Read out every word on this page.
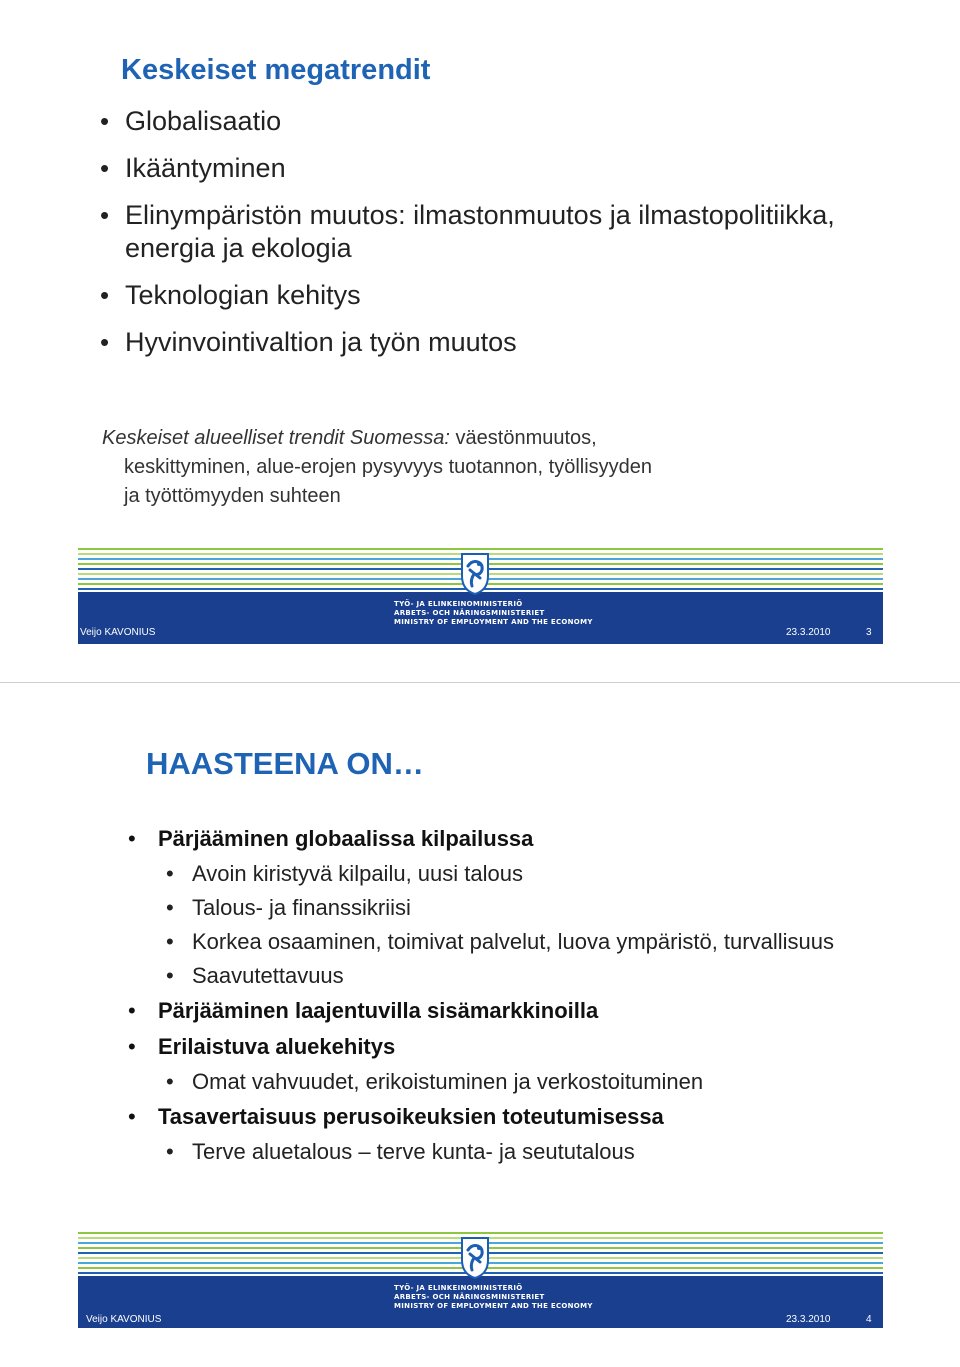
Keskeiset megatrendit
• Globalisaatio
• Ikääntyminen
• Elinympäristön muutos: ilmastonmuutos ja ilmastopolitiikka, energia ja ekologia
• Teknologian kehitys
• Hyvinvointivaltion ja työn muutos
Keskeiset alueelliset trendit Suomessa: väestönmuutos,
keskittyminen, alue-erojen pysyvyys tuotannon, työllisyyden
ja työttömyyden suhteen
TYÖ- JA ELINKEINOMINISTERIÖ
ARBETS- OCH NÄRINGSMINISTERIET
MINISTRY OF EMPLOYMENT AND THE ECONOMY
Veijo KAVONIUS	23.3.2010	3
HAASTEENA ON…
• Pärjääminen globaalissa kilpailussa
• Avoin kiristyvä kilpailu, uusi talous
• Talous- ja finanssikriisi
• Korkea osaaminen, toimivat palvelut, luova ympäristö, turvallisuus
• Saavutettavuus
• Pärjääminen laajentuvilla sisämarkkinoilla
• Erilaistuva aluekehitys
• Omat vahvuudet, erikoistuminen ja verkostoituminen
• Tasavertaisuus perusoikeuksien toteutumisessa
• Terve aluetalous – terve kunta- ja seututalous
TYÖ- JA ELINKEINOMINISTERIÖ
ARBETS- OCH NÄRINGSMINISTERIET
MINISTRY OF EMPLOYMENT AND THE ECONOMY
Veijo KAVONIUS	23.3.2010	4
